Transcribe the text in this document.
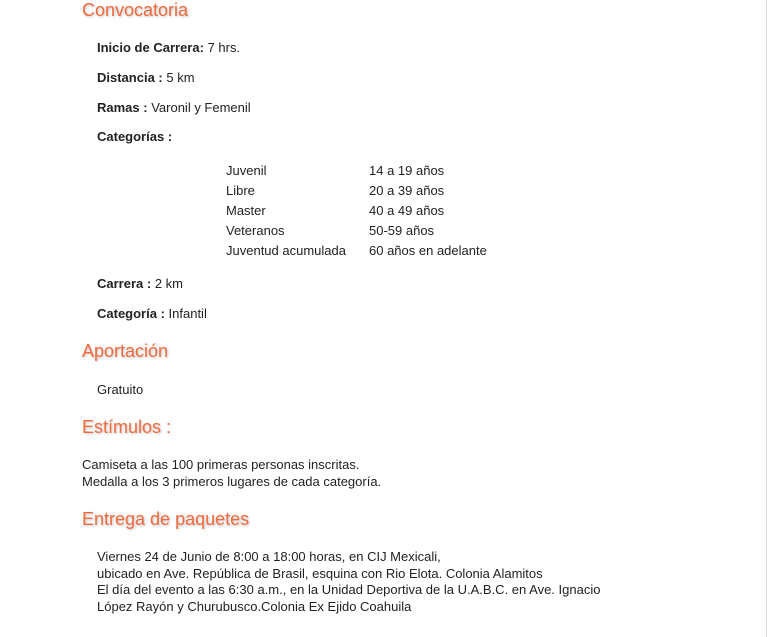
Convocatoria

Inicio de Carrera: 7 hrs.

Distancia : 5 km

Ramas : Varonil y Femenil

Categorías :

Juvenil	14 a 19 años
Libre	20 a 39 años
Master	40 a 49 años
Veteranos	50-59 años
Juventud acumulada	60 años en adelante

Carrera : 2 km

Categoría : Infantil

Aportación

Gratuito

Estímulos :
Camiseta a las 100 primeras personas inscritas.
Medalla a los 3 primeros lugares de cada categoría.
Entrega de paquetes
Viernes 24 de Junio de 8:00 a 18:00 horas, en CIJ Mexicali,
ubicado en Ave. República de Brasil, esquina con Rio Elota. Colonia Alamitos
El día del evento a las 6:30 a.m., en la Unidad Deportiva de la U.A.B.C. en Ave. Ignacio
López Rayón y Churubusco.Colonia Ex Ejido Coahuila
